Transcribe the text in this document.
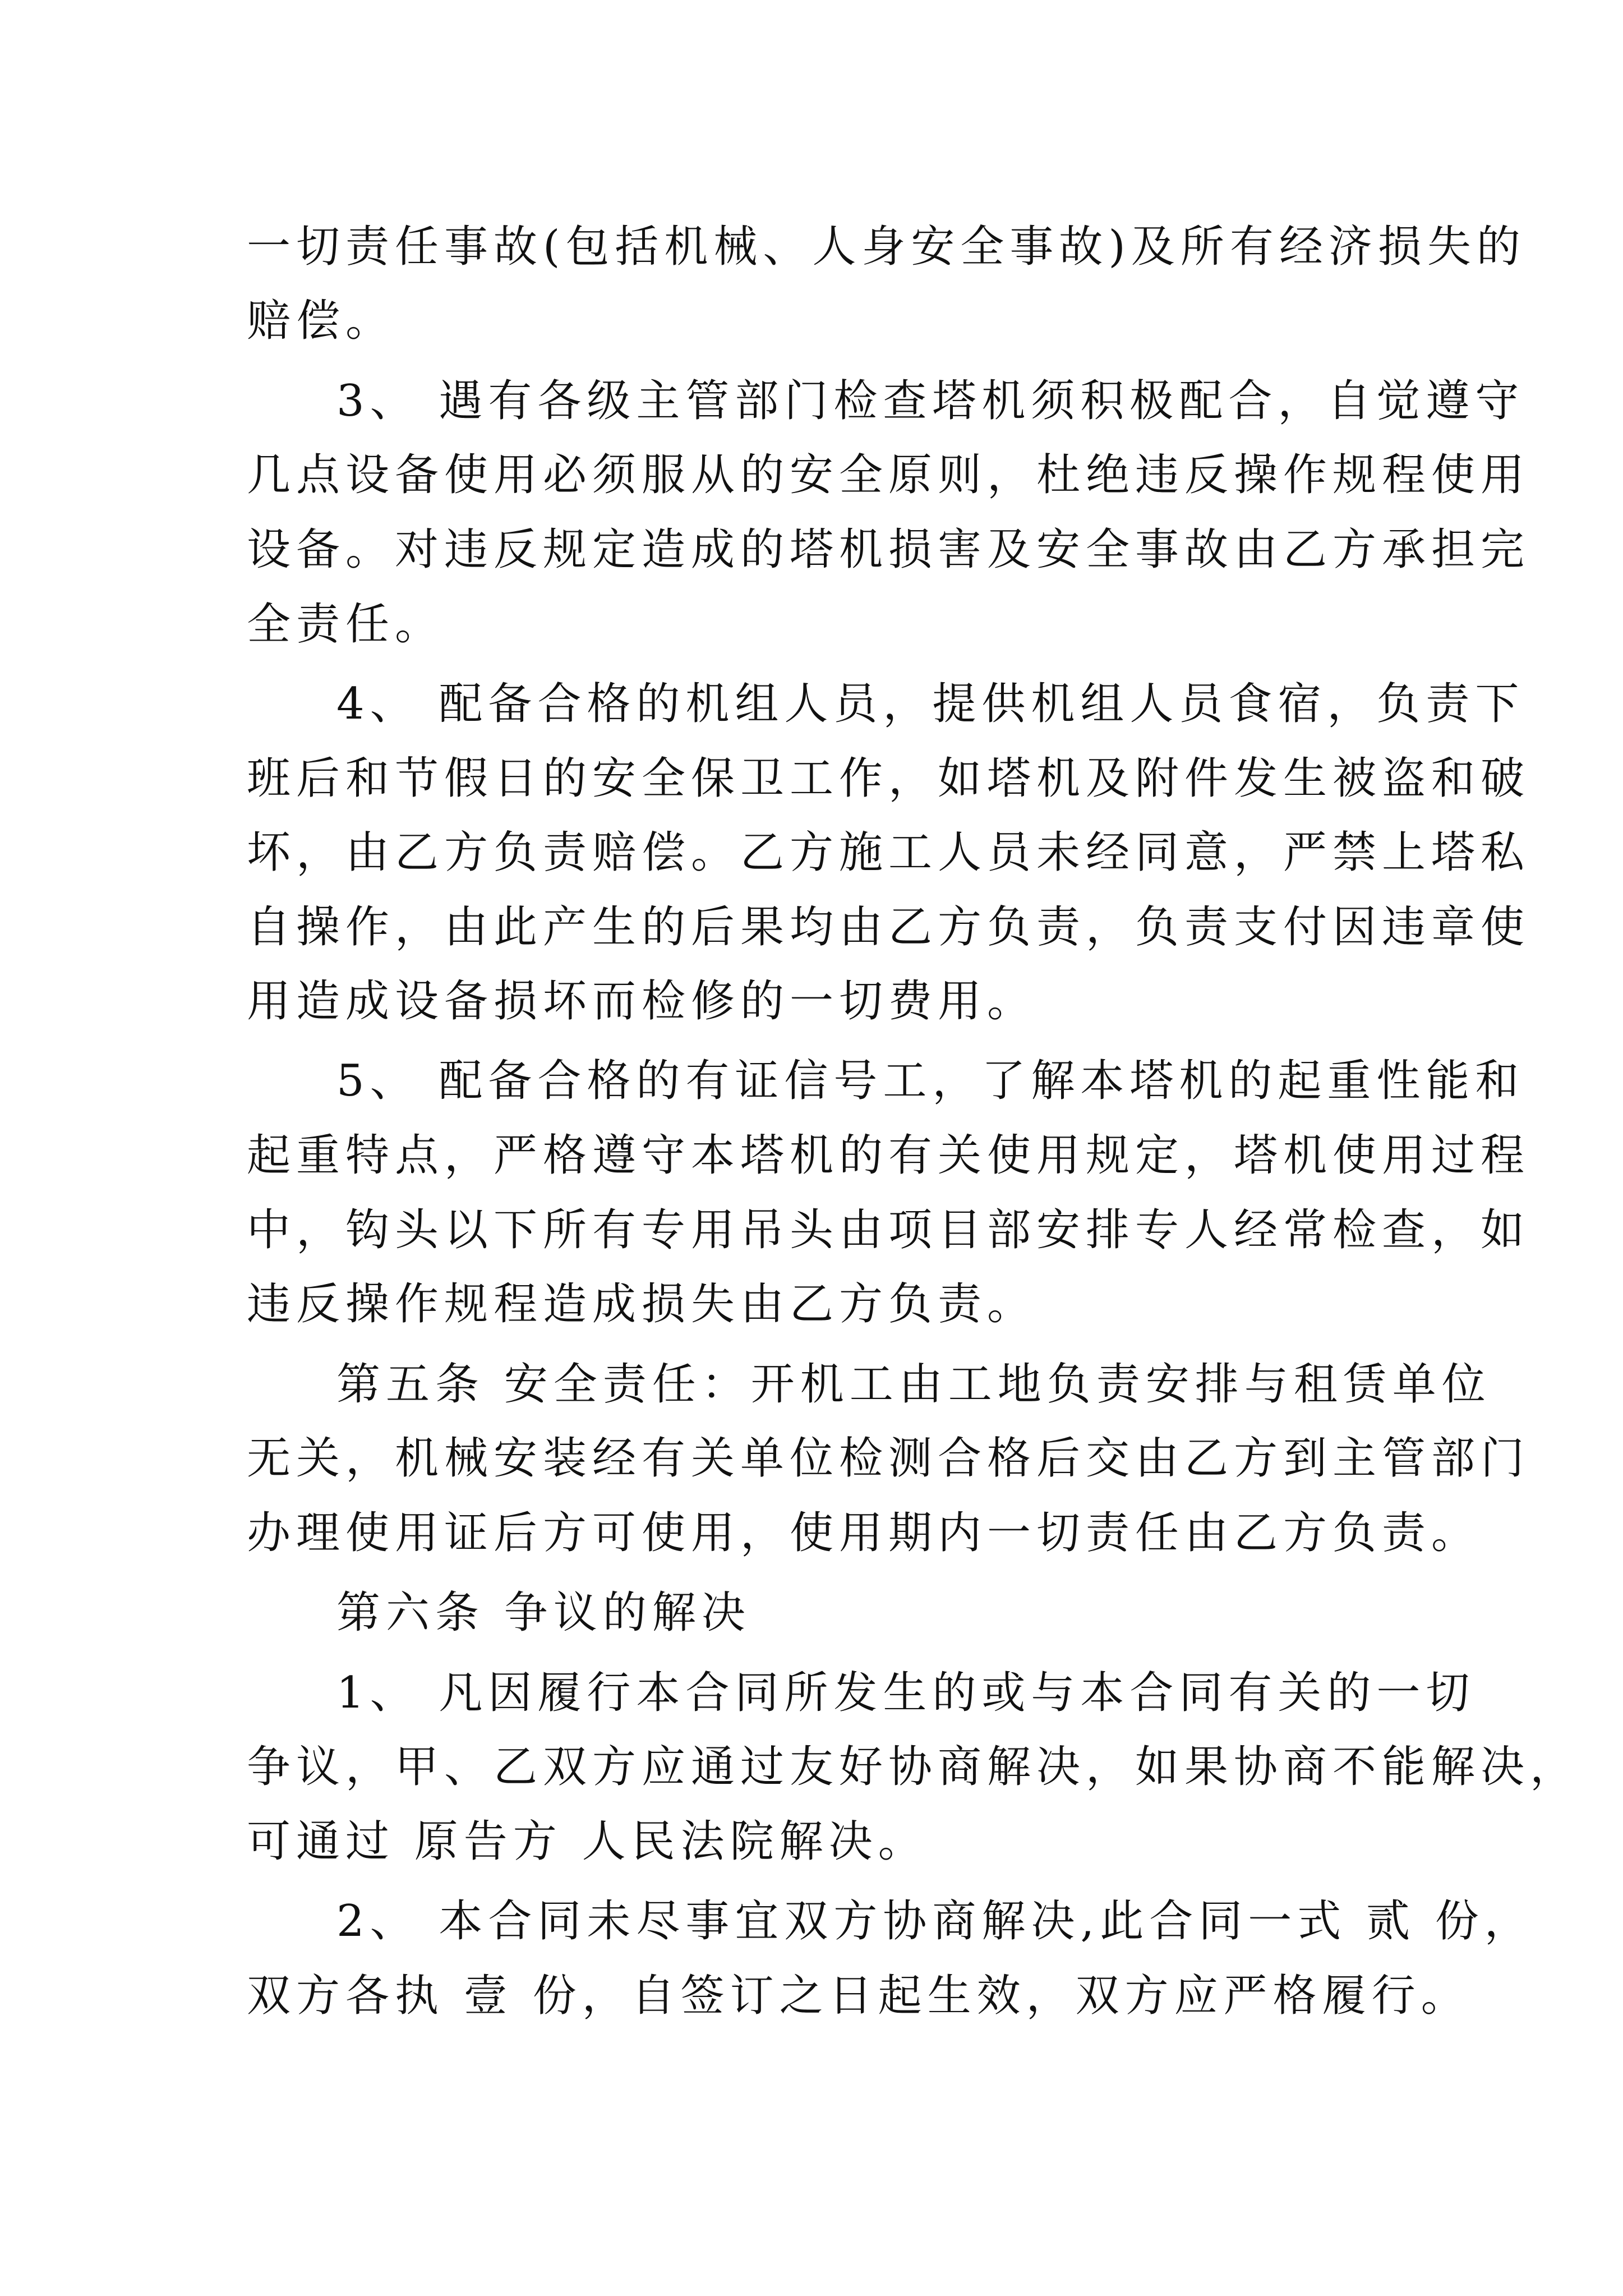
一切责任事故(包括机械、人身安全事故)及所有经济损失的
赔偿。
3、 遇有各级主管部门检查塔机须积极配合，自觉遵守
几点设备使用必须服从的安全原则，杜绝违反操作规程使用
设备。对违反规定造成的塔机损害及安全事故由乙方承担完
全责任。
4、 配备合格的机组人员，提供机组人员食宿，负责下
班后和节假日的安全保卫工作，如塔机及附件发生被盗和破
坏，由乙方负责赔偿。乙方施工人员未经同意，严禁上塔私
自操作，由此产生的后果均由乙方负责，负责支付因违章使
用造成设备损坏而检修的一切费用。
5、 配备合格的有证信号工，了解本塔机的起重性能和
起重特点，严格遵守本塔机的有关使用规定，塔机使用过程
中，钩头以下所有专用吊头由项目部安排专人经常检查，如
违反操作规程造成损失由乙方负责。
第五条 安全责任：开机工由工地负责安排与租赁单位
无关，机械安装经有关单位检测合格后交由乙方到主管部门
办理使用证后方可使用，使用期内一切责任由乙方负责。
第六条 争议的解决
1、 凡因履行本合同所发生的或与本合同有关的一切
争议，甲、乙双方应通过友好协商解决，如果协商不能解决，
可通过 原告方 人民法院解决。
2、 本合同未尽事宜双方协商解决,此合同一式 贰 份，
双方各执 壹 份，自签订之日起生效，双方应严格履行。
